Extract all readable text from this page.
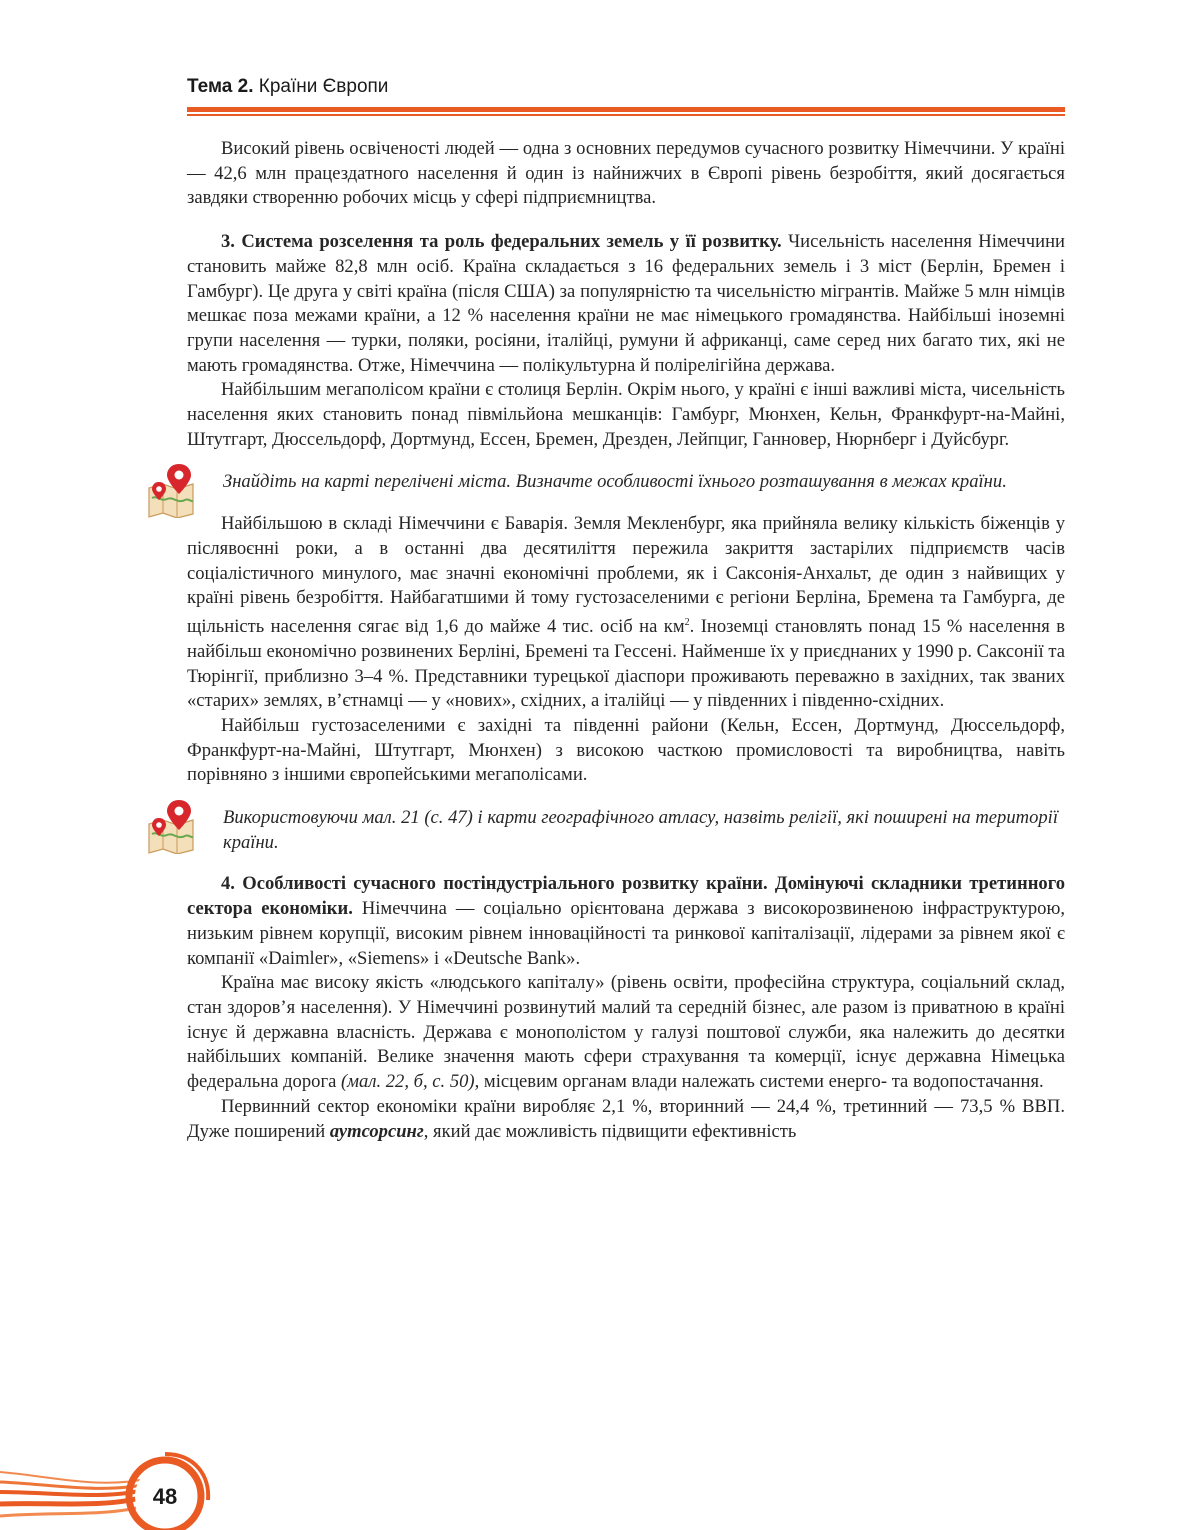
Тема 2. Країни Європи

Високий рівень освіченості людей — одна з основних передумов сучасного розвитку Німеччини. У країні — 42,6 млн працездатного населення й один із найнижчих в Європі рівень безробіття, який досягається завдяки створенню робочих місць у сфері підприємництва.

3. Система розселення та роль федеральних земель у її розвитку. Чисельність населення Німеччини становить майже 82,8 млн осіб. Країна складається з 16 федеральних земель і 3 міст (Берлін, Бремен і Гамбург). Це друга у світі країна (після США) за популярністю та чисельністю мігрантів. Майже 5 млн німців мешкає поза межами країни, а 12 % населення країни не має німецького громадянства. Найбільші іноземні групи населення — турки, поляки, росіяни, італійці, румуни й африканці, саме серед них багато тих, які не мають громадянства. Отже, Німеччина — полікультурна й поліpелігійна держава.

Найбільшим мегаполісом країни є столиця Берлін. Окрім нього, у країні є інші важливі міста, чисельність населення яких становить понад півмільйона мешканців: Гамбург, Мюнхен, Кельн, Франкфурт-на-Майні, Штутгарт, Дюссельдорф, Дортмунд, Ессен, Бремен, Дрезден, Лейпциг, Ганновер, Нюрнберг і Дуйсбург.

Знайдіть на карті перелічені міста. Визначте особливості їхнього розташування в межах країни.

Найбільшою в складі Німеччини є Баварія. Земля Мекленбург, яка прийняла велику кількість біженців у післявоєнні роки, а в останні два десятиліття пережила закриття застарілих підприємств часів соціалістичного минулого, має значні економічні проблеми, як і Саксонія-Анхальт, де один з найвищих у країні рівень безробіття. Найбагатшими й тому густозаселеними є регіони Берліна, Бремена та Гамбурга, де щільність населення сягає від 1,6 до майже 4 тис. осіб на $км^2$. Іноземці становлять понад 15 % населення в найбільш економічно розвинених Берліні, Бремені та Гессені. Найменше їх у приєднаних у 1990 р. Саксонії та Тюрінгії, приблизно 3–4 %. Представники турецької діаспори проживають переважно в західних, так званих «старих» землях, в’єтнамці — у «нових», східних, а італійці — у південних і південно-східних.

Найбільш густозаселеними є західні та південні райони (Кельн, Ессен, Дортмунд, Дюссельдорф, Франкфурт-на-Майні, Штутгарт, Мюнхен) з високою часткою промисловості та виробництва, навіть порівняно з іншими європейськими мегаполісами.

Використовуючи мал. 21 (с. 47) і карти географічного атласу, назвіть релігії, які поширені на території країни.

4. Особливості сучасного постіндустріального розвитку країни. Домінуючі складники третинного сектора економіки. Німеччина — соціально орієнтована держава з високорозвиненою інфраструктурою, низьким рівнем корупції, високим рівнем інноваційності та ринкової капіталізації, лідерами за рівнем якої є компанії «Daimler», «Siemens» і «Deutsche Bank».

Країна має високу якість «людського капіталу» (рівень освіти, професійна структура, соціальний склад, стан здоров’я населення). У Німеччині розвинутий малий та середній бізнес, але разом із приватною в країні існує й державна власність. Держава є монополістом у галузі поштової служби, яка належить до десятки найбільших компаній. Велике значення мають сфери страхування та комерції, існує державна Німецька федеральна дорога (мал. 22, б, с. 50), місцевим органам влади належать системи енерго- та водопостачання.

Первинний сектор економіки країни виробляє 2,1 %, вторинний — 24,4 %, третинний — 73,5 % ВВП. Дуже поширений аутсорсинг, який дає можливість підвищити ефективність

48
